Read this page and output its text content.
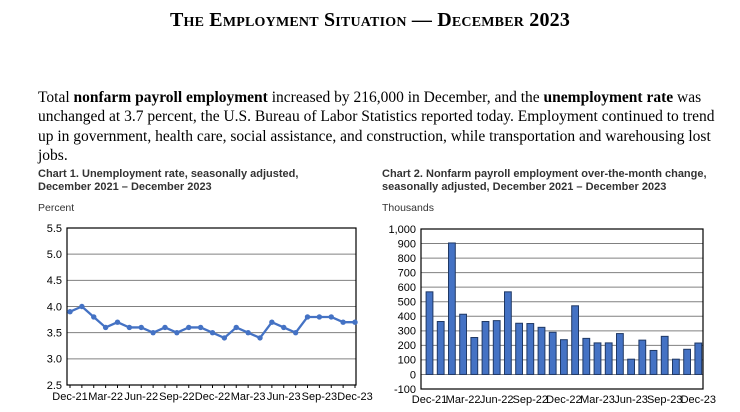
The Employment Situation — December 2023

Total nonfarm payroll employment increased by 216,000 in December, and the unemployment rate was unchanged at 3.7 percent, the U.S. Bureau of Labor Statistics reported today. Employment continued to trend up in government, health care, social assistance, and construction, while transportation and warehousing lost jobs.

Chart 1. Unemployment rate, seasonally adjusted,
December 2021 – December 2023
Percent
2.5
3.0
3.5
4.0
4.5
5.0
5.5
Dec-21 Mar-22 Jun-22 Sep-22 Dec-22 Mar-23 Jun-23 Sep-23 Dec-23
Chart 2. Nonfarm payroll employment over-the-month change,
seasonally adjusted, December 2021 – December 2023
Thousands
-100
0
100
200
300
400
500
600
700
800
900
1,000
Dec-21
Mar-22 Jun-22 Sep-22
Dec-22
Mar-23 Jun-23 Sep-23
Dec-23
